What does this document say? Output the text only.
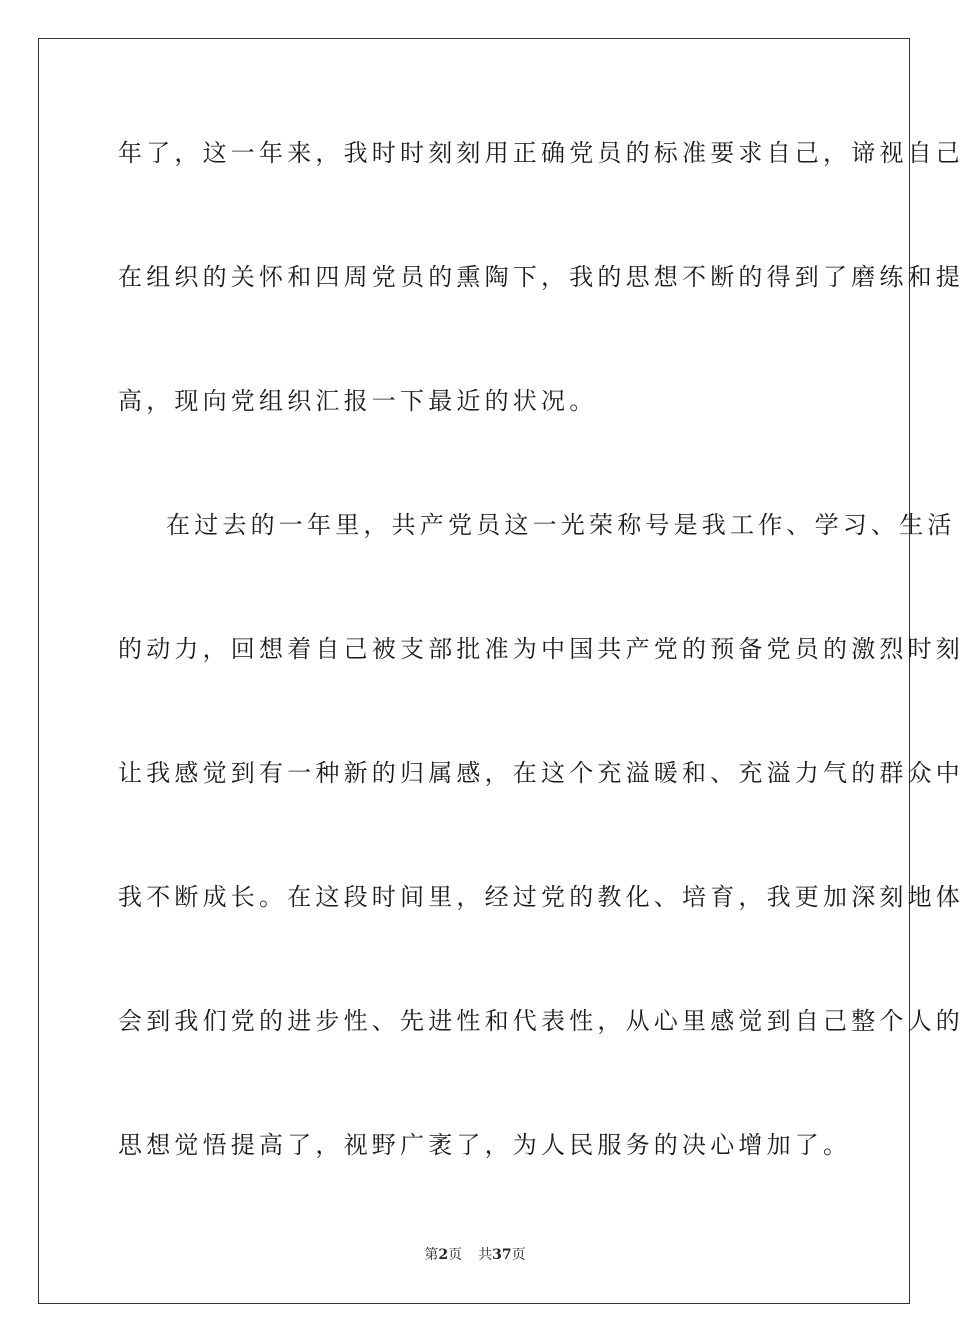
年了，这一年来，我时时刻刻用正确党员的标准要求自己，谛视自己
在组织的关怀和四周党员的熏陶下，我的思想不断的得到了磨练和提
高，现向党组织汇报一下最近的状况。
在过去的一年里，共产党员这一光荣称号是我工作、学习、生活
的动力，回想着自己被支部批准为中国共产党的预备党员的激烈时刻
让我感觉到有一种新的归属感，在这个充溢暖和、充溢力气的群众中
我不断成长。在这段时间里，经过党的教化、培育，我更加深刻地体
会到我们党的进步性、先进性和代表性，从心里感觉到自己整个人的
思想觉悟提高了，视野广袤了，为人民服务的决心增加了。
第2页 共37页
